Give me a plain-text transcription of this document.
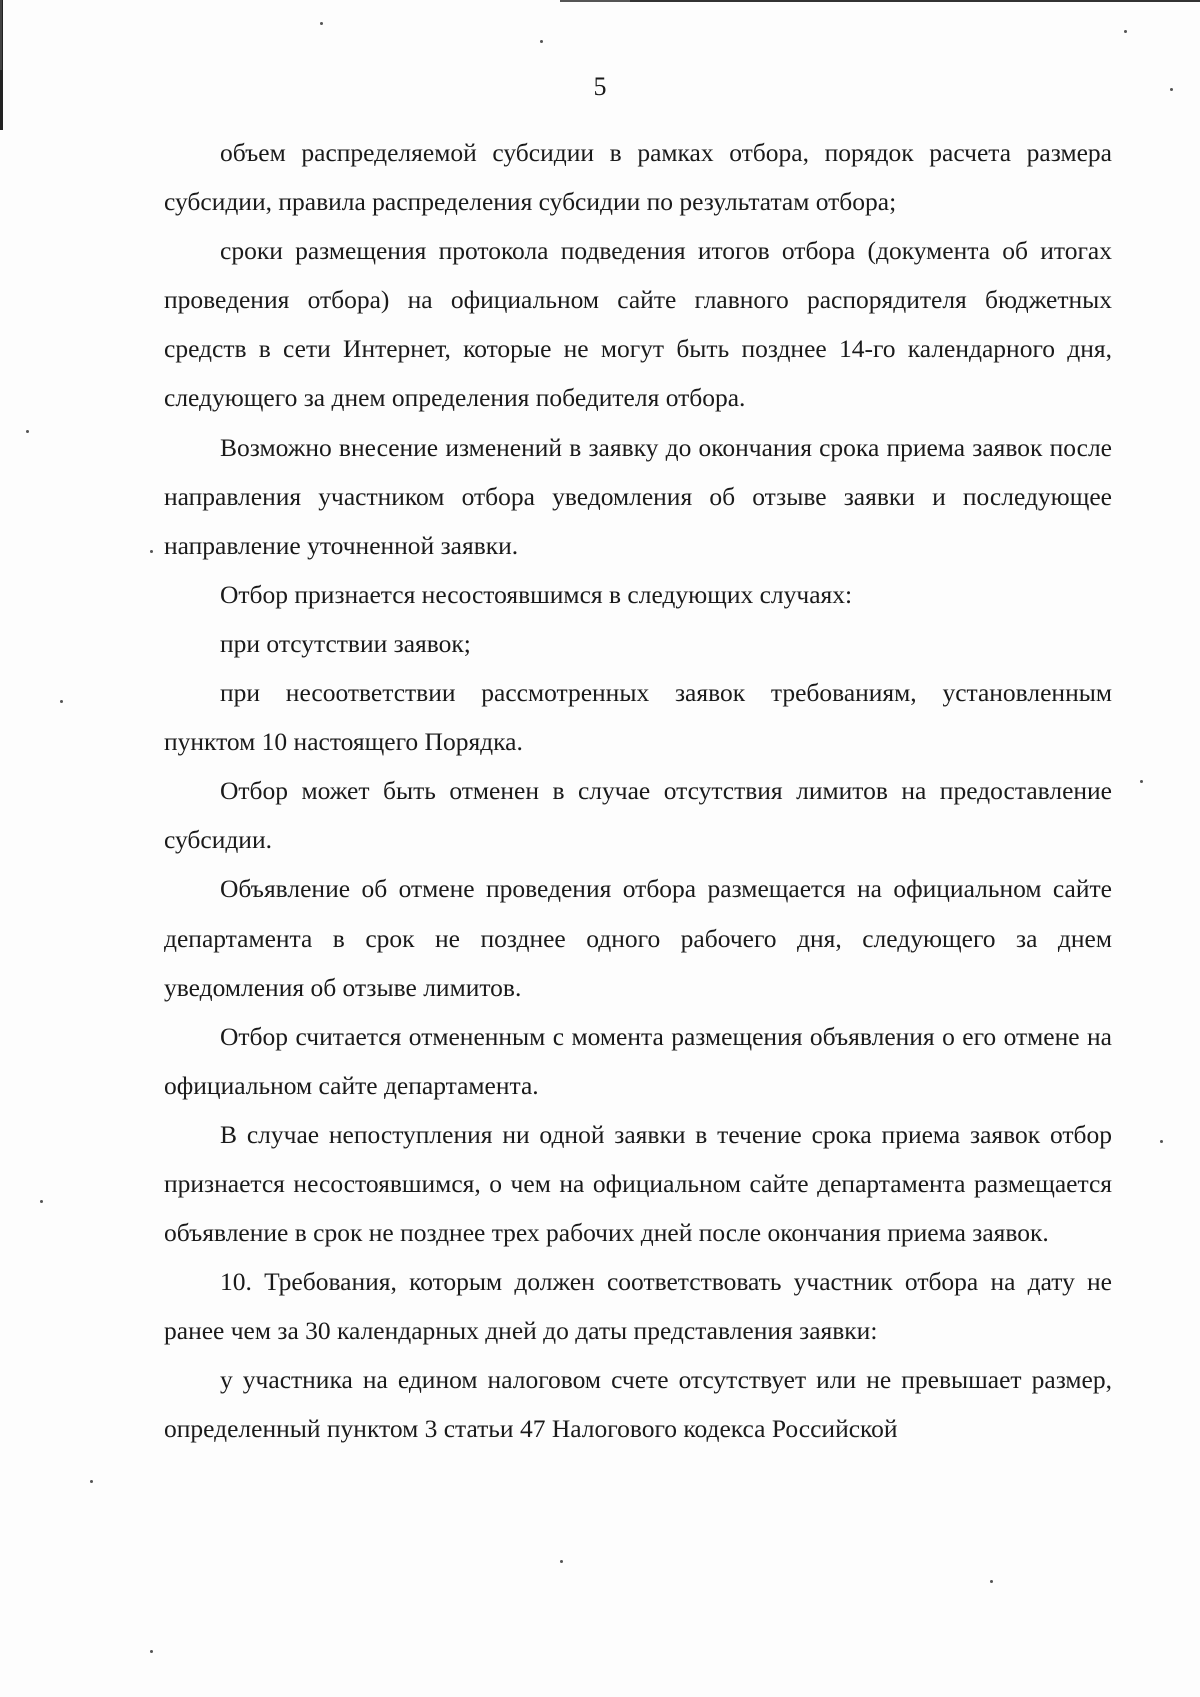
5

объем распределяемой субсидии в рамках отбора, порядок расчета размера субсидии, правила распределения субсидии по результатам отбора;

сроки размещения протокола подведения итогов отбора (документа об итогах проведения отбора) на официальном сайте главного распорядителя бюджетных средств в сети Интернет, которые не могут быть позднее 14-го календарного дня, следующего за днем определения победителя отбора.

Возможно внесение изменений в заявку до окончания срока приема заявок после направления участником отбора уведомления об отзыве заявки и последующее направление уточненной заявки.

Отбор признается несостоявшимся в следующих случаях:

при отсутствии заявок;

при несоответствии рассмотренных заявок требованиям, установленным пунктом 10 настоящего Порядка.

Отбор может быть отменен в случае отсутствия лимитов на предоставление субсидии.

Объявление об отмене проведения отбора размещается на официальном сайте департамента в срок не позднее одного рабочего дня, следующего за днем уведомления об отзыве лимитов.

Отбор считается отмененным с момента размещения объявления о его отмене на официальном сайте департамента.

В случае непоступления ни одной заявки в течение срока приема заявок отбор признается несостоявшимся, о чем на официальном сайте департамента размещается объявление в срок не позднее трех рабочих дней после окончания приема заявок.

10. Требования, которым должен соответствовать участник отбора на дату не ранее чем за 30 календарных дней до даты представления заявки:

у участника на едином налоговом счете отсутствует или не превышает размер, определенный пунктом 3 статьи 47 Налогового кодекса Российской
